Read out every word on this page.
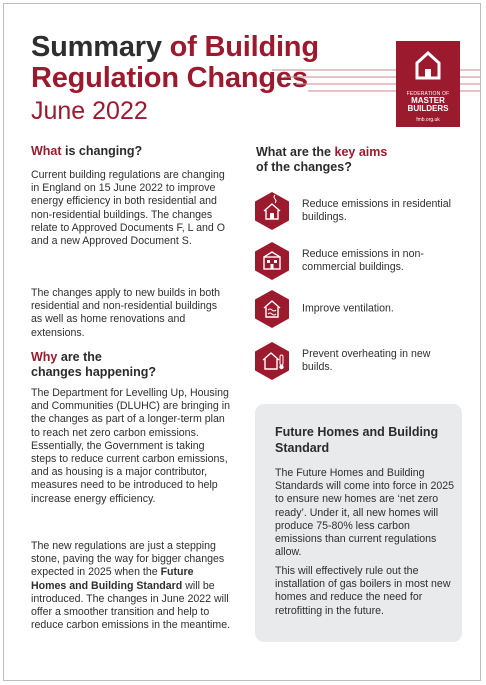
Summary of Building
Regulation Changes
June 2022
FEDERATION OF
MASTER
BUILDERS
fmb.org.uk
What is changing?

Current building regulations are changing in England on 15 June 2022 to improve energy efficiency in both residential and non-residential buildings. The changes relate to Approved Documents F, L and O and a new Approved Document S.

The changes apply to new builds in both residential and non-residential buildings as well as home renovations and extensions.

Why are the
changes happening?

The Department for Levelling Up, Housing and Communities (DLUHC) are bringing in the changes as part of a longer-term plan to reach net zero carbon emissions. Essentially, the Government is taking steps to reduce current carbon emissions, and as housing is a major contributor, measures need to be introduced to help increase energy efficiency.

The new regulations are just a stepping stone, paving the way for bigger changes expected in 2025 when the Future Homes and Building Standard will be introduced. The changes in June 2022 will offer a smoother transition and help to reduce carbon emissions in the meantime.

What are the key aims
of the changes?
Reduce emissions in residential buildings.
Reduce emissions in non-commercial buildings.
Improve ventilation.
Prevent overheating in new builds.
Future Homes and Building Standard

The Future Homes and Building Standards will come into force in 2025 to ensure new homes are ‘net zero ready’. Under it, all new homes will produce 75-80% less carbon emissions than current regulations allow.

This will effectively rule out the installation of gas boilers in most new homes and reduce the need for retrofitting in the future.
